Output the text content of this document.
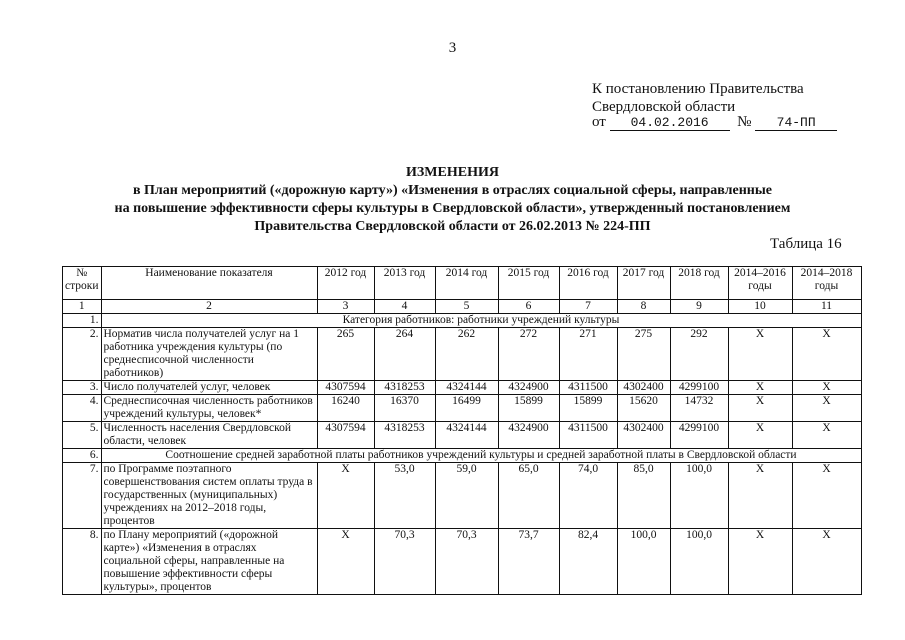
3
К постановлению Правительства
Свердловской области
от 04.02.2016 № 74-ПП
ИЗМЕНЕНИЯ
в План мероприятий («дорожную карту») «Изменения в отраслях социальной сферы, направленные
на повышение эффективности сферы культуры в Свердловской области», утвержденный постановлением
Правительства Свердловской области от 26.02.2013 № 224-ПП
Таблица 16
№ строки	Наименование показателя	2012 год	2013 год	2014 год	2015 год	2016 год	2017 год	2018 год	2014–2016 годы	2014–2018 годы
1	2	3	4	5	6	7	8	9	10	11
1.	Категория работников: работники учреждений культуры									
2.	Норматив числа получателей услуг на 1 работника учреждения культуры (по среднесписочной численности работников)	265	264	262	272	271	275	292	Х	Х
3.	Число получателей услуг, человек	4307594	4318253	4324144	4324900	4311500	4302400	4299100	Х	Х
4.	Среднесписочная численность работников учреждений культуры, человек*	16240	16370	16499	15899	15899	15620	14732	Х	Х
5.	Численность населения Свердловской области, человек	4307594	4318253	4324144	4324900	4311500	4302400	4299100	Х	Х
6.	Соотношение средней заработной платы работников учреждений культуры и средней заработной платы в Свердловской области									
7.	по Программе поэтапного совершенствования систем оплаты труда в государственных (муниципальных) учреждениях на 2012–2018 годы, процентов	Х	53,0	59,0	65,0	74,0	85,0	100,0	Х	Х
8.	по Плану мероприятий («дорожной карте») «Изменения в отраслях социальной сферы, направленные на повышение эффективности сферы культуры», процентов	Х	70,3	70,3	73,7	82,4	100,0	100,0	Х	Х
